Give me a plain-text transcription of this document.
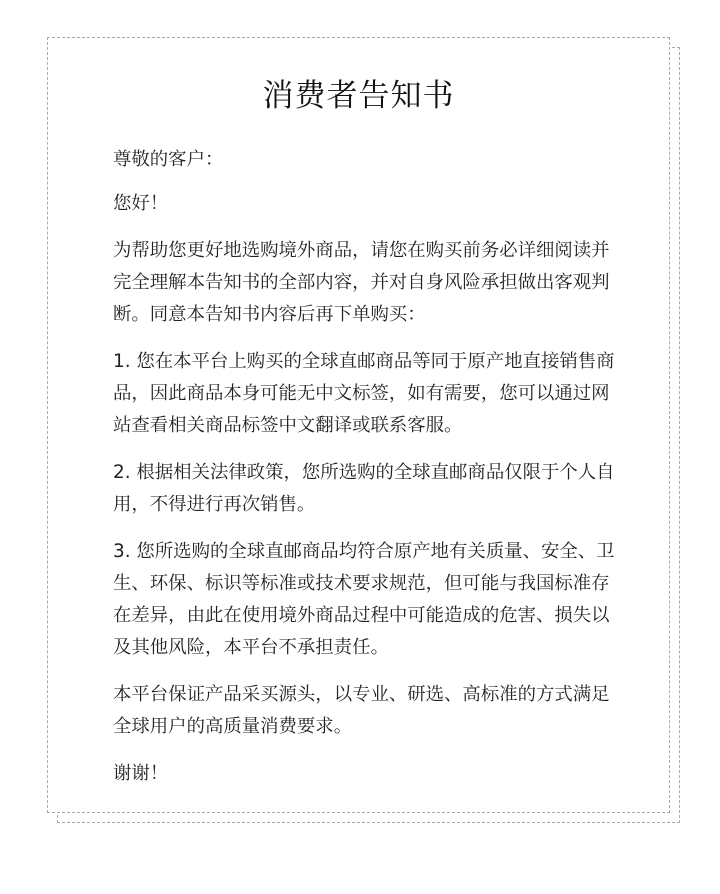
消费者告知书

尊敬的客户：

您好！

为帮助您更好地选购境外商品，请您在购买前务必详细阅读并完全理解本告知书的全部内容，并对自身风险承担做出客观判断。同意本告知书内容后再下单购买：

1. 您在本平台上购买的全球直邮商品等同于原产地直接销售商品，因此商品本身可能无中文标签，如有需要，您可以通过网站查看相关商品标签中文翻译或联系客服。

2. 根据相关法律政策，您所选购的全球直邮商品仅限于个人自用，不得进行再次销售。

3. 您所选购的全球直邮商品均符合原产地有关质量、安全、卫生、环保、标识等标准或技术要求规范，但可能与我国标准存在差异，由此在使用境外商品过程中可能造成的危害、损失以及其他风险，本平台不承担责任。

本平台保证产品采买源头，以专业、研选、高标准的方式满足全球用户的高质量消费要求。

谢谢！
